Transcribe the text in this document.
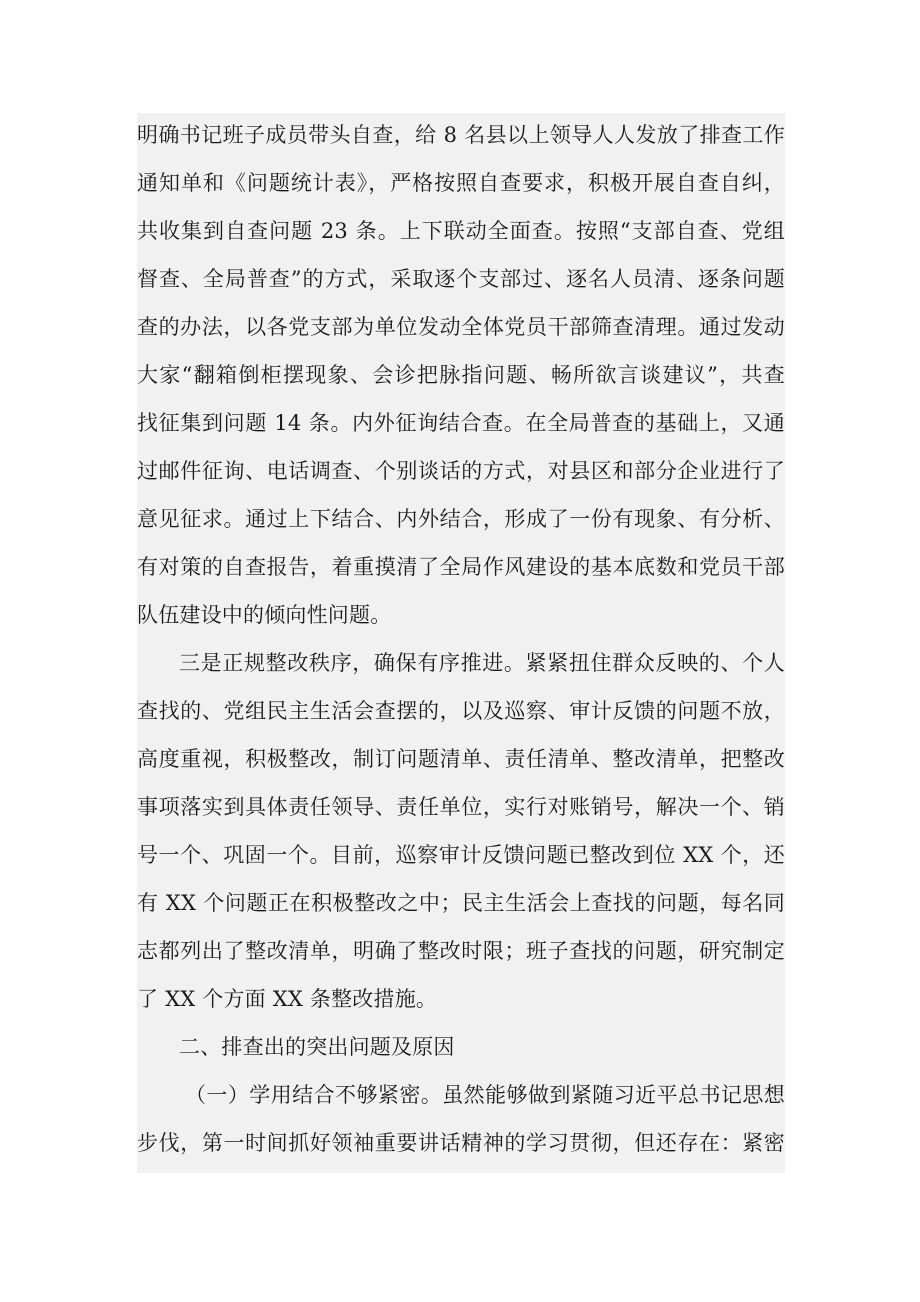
明确书记班子成员带头自查，给 8 名县以上领导人人发放了排查工作
通知单和《问题统计表》，严格按照自查要求，积极开展自查自纠，
共收集到自查问题 23 条。上下联动全面查。按照“支部自查、党组
督查、全局普查”的方式，采取逐个支部过、逐名人员清、逐条问题
查的办法，以各党支部为单位发动全体党员干部筛查清理。通过发动
大家“翻箱倒柜摆现象、会诊把脉指问题、畅所欲言谈建议”，共查
找征集到问题 14 条。内外征询结合查。在全局普查的基础上，又通
过邮件征询、电话调查、个别谈话的方式，对县区和部分企业进行了
意见征求。通过上下结合、内外结合，形成了一份有现象、有分析、
有对策的自查报告，着重摸清了全局作风建设的基本底数和党员干部
队伍建设中的倾向性问题。
三是正规整改秩序，确保有序推进。紧紧扭住群众反映的、个人
查找的、党组民主生活会查摆的，以及巡察、审计反馈的问题不放，
高度重视，积极整改，制订问题清单、责任清单、整改清单，把整改
事项落实到具体责任领导、责任单位，实行对账销号，解决一个、销
号一个、巩固一个。目前，巡察审计反馈问题已整改到位 XX 个，还
有 XX 个问题正在积极整改之中；民主生活会上查找的问题，每名同
志都列出了整改清单，明确了整改时限；班子查找的问题，研究制定
了 XX 个方面 XX 条整改措施。
二、排查出的突出问题及原因
（一）学用结合不够紧密。虽然能够做到紧随习近平总书记思想
步伐，第一时间抓好领袖重要讲话精神的学习贯彻，但还存在：紧密
